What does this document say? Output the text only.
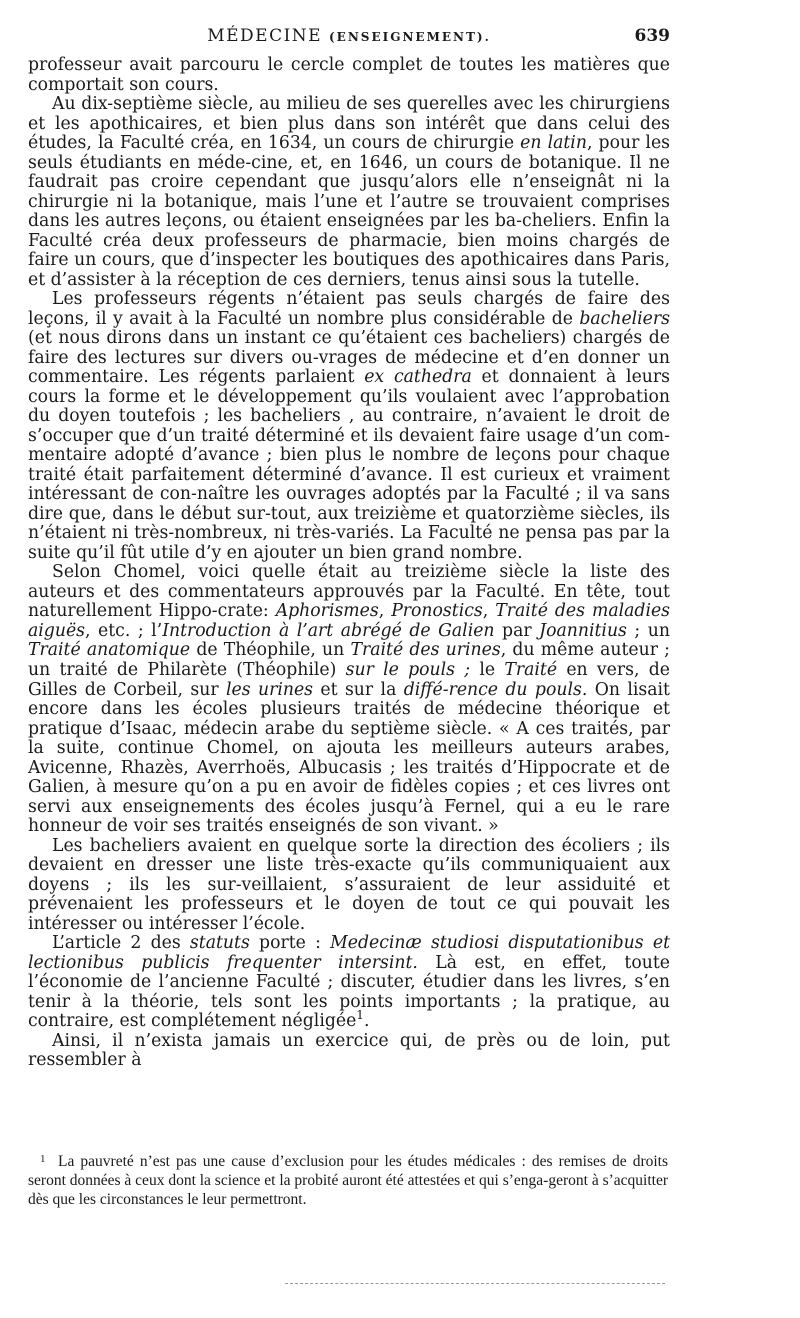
MÉDECINE (ENSEIGNEMENT).	639

professeur avait parcouru le cercle complet de toutes les matières que comportait son cours.

Au dix-septième siècle, au milieu de ses querelles avec les chirurgiens et les apothicaires, et bien plus dans son intérêt que dans celui des études, la Faculté créa, en 1634, un cours de chirurgie en latin, pour les seuls étudiants en méde-cine, et, en 1646, un cours de botanique. Il ne faudrait pas croire cependant que jusqu’alors elle n’enseignât ni la chirurgie ni la botanique, mais l’une et l’autre se trouvaient comprises dans les autres leçons, ou étaient enseignées par les ba-cheliers. Enfin la Faculté créa deux professeurs de pharmacie, bien moins chargés de faire un cours, que d’inspecter les boutiques des apothicaires dans Paris, et d’assister à la réception de ces derniers, tenus ainsi sous la tutelle.

Les professeurs régents n’étaient pas seuls chargés de faire des leçons, il y avait à la Faculté un nombre plus considérable de bacheliers (et nous dirons dans un instant ce qu’étaient ces bacheliers) chargés de faire des lectures sur divers ou-vrages de médecine et d’en donner un commentaire. Les régents parlaient ex cathedra et donnaient à leurs cours la forme et le développement qu’ils voulaient avec l’approbation du doyen toutefois ; les bacheliers , au contraire, n’avaient le droit de s’occuper que d’un traité déterminé et ils devaient faire usage d’un com-mentaire adopté d’avance ; bien plus le nombre de leçons pour chaque traité était parfaitement déterminé d’avance. Il est curieux et vraiment intéressant de con-naître les ouvrages adoptés par la Faculté ; il va sans dire que, dans le début sur-tout, aux treizième et quatorzième siècles, ils n’étaient ni très-nombreux, ni très-variés. La Faculté ne pensa pas par la suite qu’il fût utile d’y en ajouter un bien grand nombre.

Selon Chomel, voici quelle était au treizième siècle la liste des auteurs et des commentateurs approuvés par la Faculté. En tête, tout naturellement Hippo-crate: Aphorismes, Pronostics, Traité des maladies aiguës, etc. ; l’Introduction à l’art abrégé de Galien par Joannitius ; un Traité anatomique de Théophile, un Traité des urines, du même auteur ; un traité de Philarète (Théophile) sur le pouls ; le Traité en vers, de Gilles de Corbeil, sur les urines et sur la diffé-rence du pouls. On lisait encore dans les écoles plusieurs traités de médecine théorique et pratique d’Isaac, médecin arabe du septième siècle. « A ces traités, par la suite, continue Chomel, on ajouta les meilleurs auteurs arabes, Avicenne, Rhazès, Averrhoës, Albucasis ; les traités d’Hippocrate et de Galien, à mesure qu’on a pu en avoir de fidèles copies ; et ces livres ont servi aux enseignements des écoles jusqu’à Fernel, qui a eu le rare honneur de voir ses traités enseignés de son vivant. »

Les bacheliers avaient en quelque sorte la direction des écoliers ; ils devaient en dresser une liste très-exacte qu’ils communiquaient aux doyens ; ils les sur-veillaient, s’assuraient de leur assiduité et prévenaient les professeurs et le doyen de tout ce qui pouvait les intéresser ou intéresser l’école.

L’article 2 des statuts porte : Medecinæ studiosi disputationibus et lectionibus publicis frequenter intersint. Là est, en effet, toute l’économie de l’ancienne Faculté ; discuter, étudier dans les livres, s’en tenir à la théorie, tels sont les points importants ; la pratique, au contraire, est complétement négligée$^1$.

Ainsi, il n’exista jamais un exercice qui, de près ou de loin, put ressembler à

1 La pauvreté n’est pas une cause d’exclusion pour les études médicales : des remises de droits seront données à ceux dont la science et la probité auront été attestées et qui s’enga-geront à s’acquitter dès que les circonstances le leur permettront.
